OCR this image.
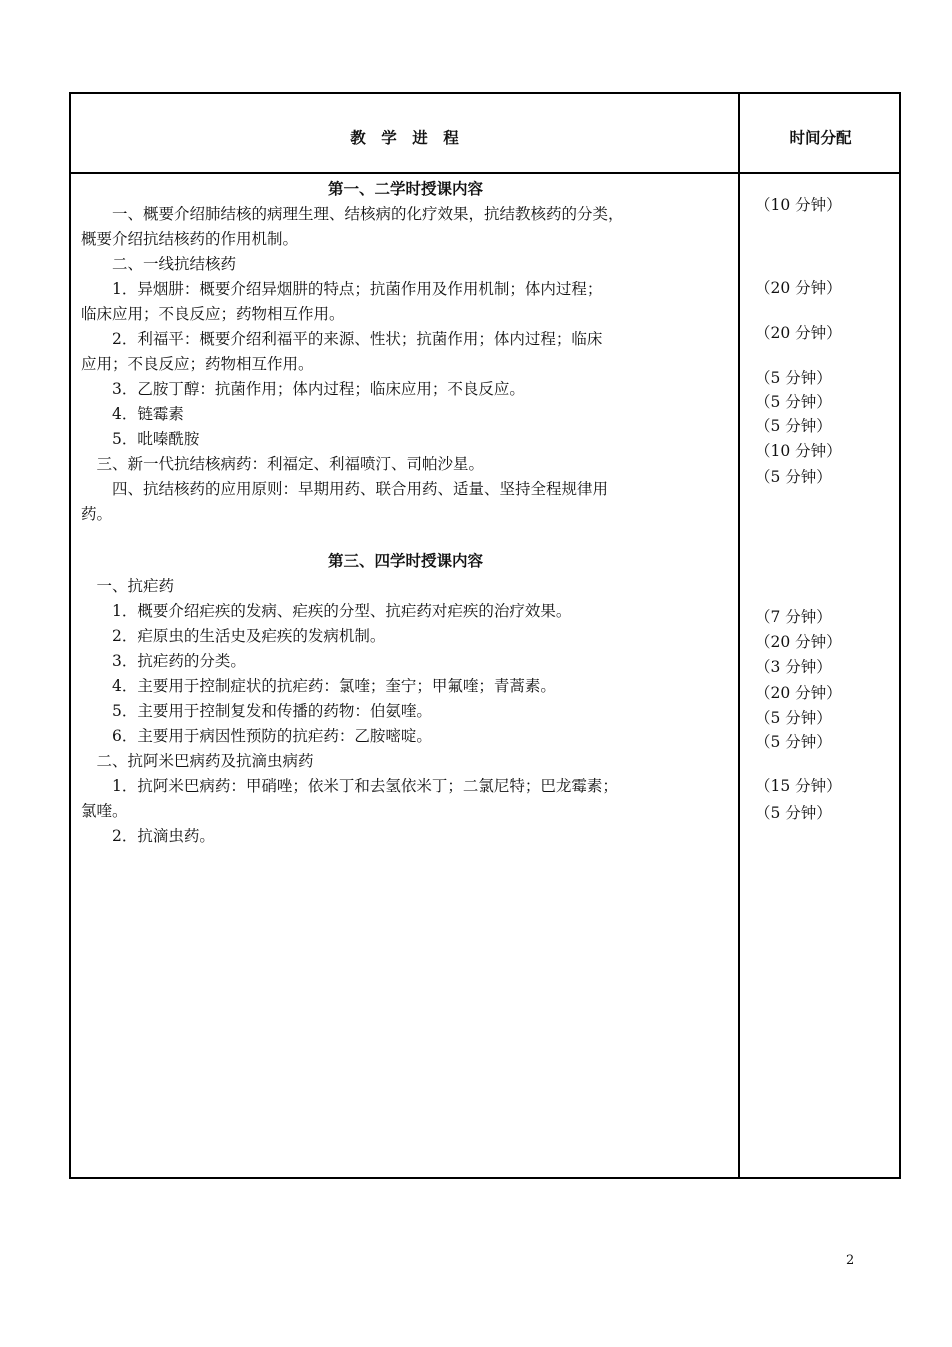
教　学　进　程	时间分配
第一、二学时授课内容
　　一、概要介绍肺结核的病理生理、结核病的化疗效果，抗结教核药的分类，
概要介绍抗结核药的作用机制。
　　二、一线抗结核药
　　1．异烟肼：概要介绍异烟肼的特点；抗菌作用及作用机制；体内过程；
临床应用；不良反应；药物相互作用。
　　2．利福平：概要介绍利福平的来源、性状；抗菌作用；体内过程；临床
应用；不良反应；药物相互作用。
　　3．乙胺丁醇：抗菌作用；体内过程；临床应用；不良反应。
　　4．链霉素
　　5．吡嗪酰胺
　三、新一代抗结核病药：利福定、利福喷汀、司帕沙星。
　　四、抗结核药的应用原则：早期用药、联合用药、适量、坚持全程规律用
药。
第三、四学时授课内容
　一、抗疟药
　　1．概要介绍疟疾的发病、疟疾的分型、抗疟药对疟疾的治疗效果。
　　2．疟原虫的生活史及疟疾的发病机制。
　　3．抗疟药的分类。
　　4．主要用于控制症状的抗疟药：氯喹；奎宁；甲氟喹；青蒿素。
　　5．主要用于控制复发和传播的药物：伯氨喹。
　　6．主要用于病因性预防的抗疟药：乙胺嘧啶。
　二、抗阿米巴病药及抗滴虫病药
　　1．抗阿米巴病药：甲硝唑；依米丁和去氢依米丁；二氯尼特；巴龙霉素；
氯喹。
　　2．抗滴虫药。
（10 分钟）
（20 分钟）
（20 分钟）
（5 分钟）
（5 分钟）
（5 分钟）
（10 分钟）
（5 分钟）
（7 分钟）
（20 分钟）
（3 分钟）
（20 分钟）
（5 分钟）
（5 分钟）
（15 分钟）
（5 分钟）
2
